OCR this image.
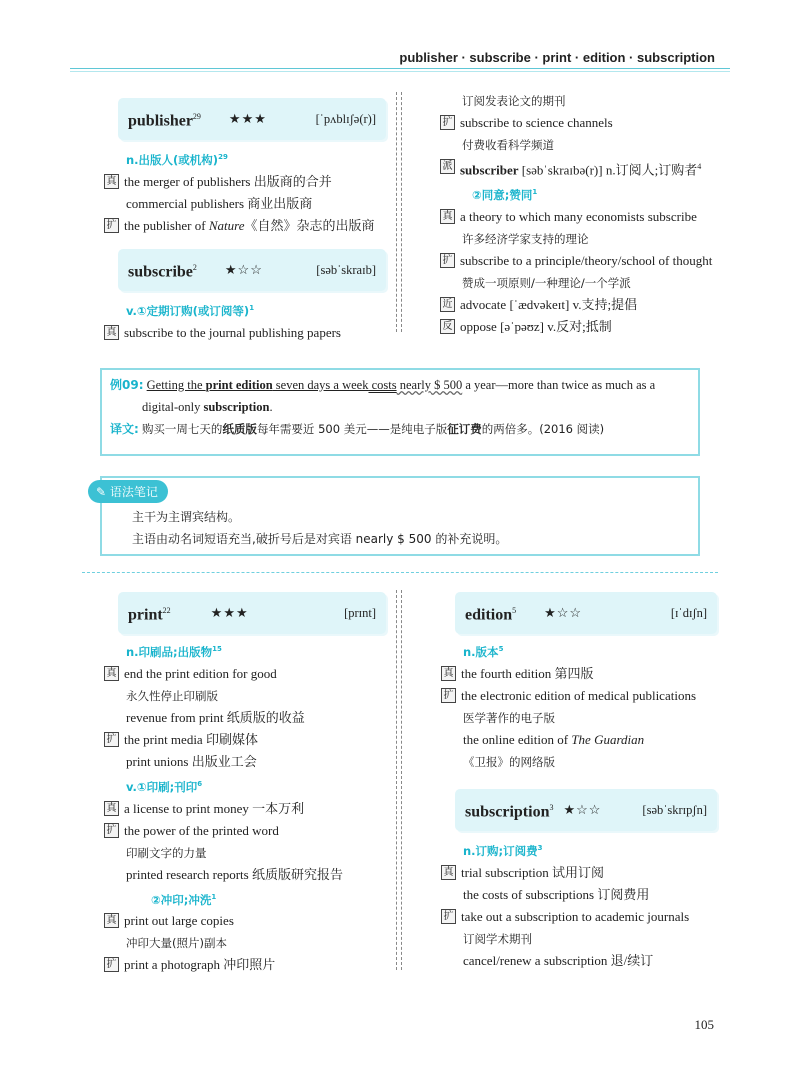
publisher · subscribe · print · edition · subscription
publisher$^{29}$ ★★★	[ˈpʌblɪʃə(r)]
n.出版人(或机构)$^{29}$
真 the merger of publishers 出版商的合并
commercial publishers 商业出版商
扩 the publisher of Nature《自然》杂志的出版商
subscribe$^2$ ★☆☆	[səbˈskraɪb]
v.①定期订购(或订阅等)$^1$
真 subscribe to the journal publishing papers
订阅发表论文的期刊
扩 subscribe to science channels
付费收看科学频道
派 subscriber [səbˈskraɪbə(r)] n.订阅人;订购者$^4$
②同意;赞同$^1$
真 a theory to which many economists subscribe
许多经济学家支持的理论
扩 subscribe to a principle/theory/school of thought
赞成一项原则/一种理论/一个学派
近 advocate [ˈædvəkeɪt] v.支持;提倡
反 oppose [əˈpəʊz] v.反对;抵制
例09: Getting the print edition seven days a week costs nearly $ 500 a year—more than twice as much as a
digital-only subscription.
译文: 购买一周七天的纸质版每年需要近 500 美元——是纯电子版征订费的两倍多。(2016 阅读)
✎ 语法笔记
主干为主谓宾结构。
主语由动名词短语充当,破折号后是对宾语 nearly $ 500 的补充说明。
print$^{22}$	★★★	[prɪnt]
n.印刷品;出版物$^{15}$
真 end the print edition for good
永久性停止印刷版
revenue from print 纸质版的收益
扩 the print media 印刷媒体
print unions 出版业工会
v.①印刷;刊印$^6$
真 a license to print money 一本万利
扩 the power of the printed word
印刷文字的力量
printed research reports 纸质版研究报告
②冲印;冲洗$^1$
真 print out large copies
冲印大量(照片)副本
扩 print a photograph 冲印照片
edition$^5$ ★☆☆	[ɪˈdɪʃn]
n.版本$^5$
真 the fourth edition 第四版
扩 the electronic edition of medical publications
医学著作的电子版
the online edition of The Guardian
《卫报》的网络版
subscription$^3$ ★☆☆	[səbˈskrɪpʃn]
n.订购;订阅费$^3$
真 trial subscription 试用订阅
the costs of subscriptions 订阅费用
扩 take out a subscription to academic journals
订阅学术期刊
cancel/renew a subscription 退/续订
105
